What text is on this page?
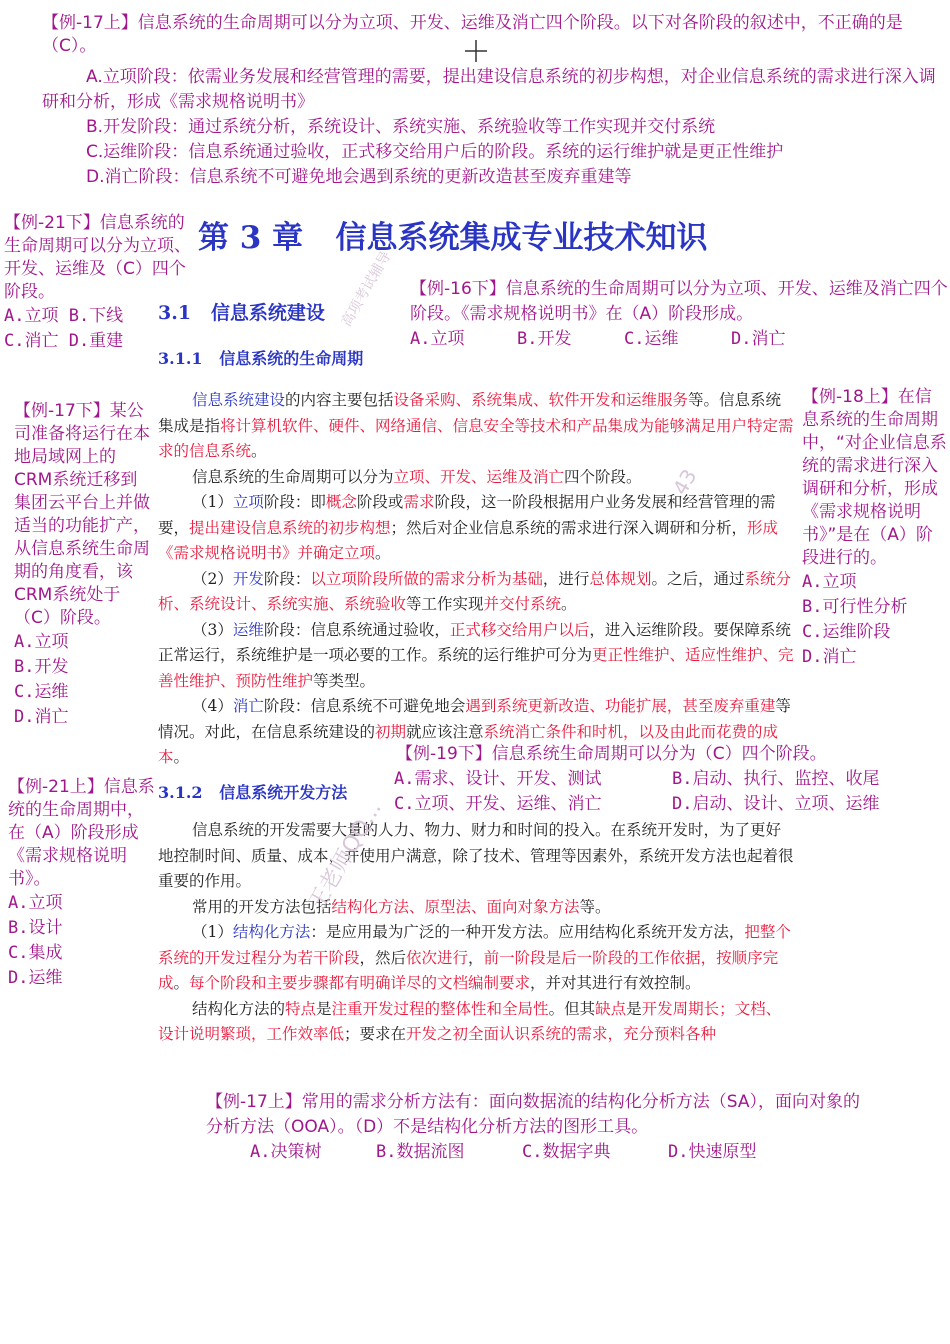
【例-17上】信息系统的生命周期可以分为立项、开发、运维及消亡四个阶段。以下对各阶段的叙述中，不正确的是（C）。

A.立项阶段：依需业务发展和经营管理的需要，提出建设信息系统的初步构想，对企业信息系统的需求进行深入调研和分析，形成《需求规格说明书》

B.开发阶段：通过系统分析，系统设计、系统实施、系统验收等工作实现并交付系统

C.运维阶段：信息系统通过验收，正式移交给用户后的阶段。系统的运行维护就是更正性维护

D.消亡阶段：信息系统不可避免地会遇到系统的更新改造甚至废弃重建等

第 3 章   信息系统集成专业技术知识

【例-21下】信息系统的生命周期可以分为立项、开发、运维及（C）四个阶段。

A.立项 B.下线

C.消亡 D.重建

3.1   信息系统建设
3.1.1   信息系统的生命周期

【例-16下】信息系统的生命周期可以分为立项、开发、运维及消亡四个阶段。《需求规格说明书》在（A）阶段形成。

A.立项	B.开发	C.运维	D.消亡

【例-17下】某公司准备将运行在本地局域网上的CRM系统迁移到集团云平台上并做适当的功能扩产，从信息系统生命周期的角度看，该CRM系统处于（C）阶段。

A.立项

B.开发

C.运维

D.消亡

【例-18上】在信息系统的生命周期中，“对企业信息系统的需求进行深入调研和分析，形成《需求规格说明书》”是在（A）阶段进行的。

A.立项

B.可行性分析

C.运维阶段

D.消亡

信息系统建设的内容主要包括设备采购、系统集成、软件开发和运维服务等。信息系统集成是指将计算机软件、硬件、网络通信、信息安全等技术和产品集成为能够满足用户特定需求的信息系统。

信息系统的生命周期可以分为立项、开发、运维及消亡四个阶段。

（1）立项阶段：即概念阶段或需求阶段，这一阶段根据用户业务发展和经营管理的需要，提出建设信息系统的初步构想；然后对企业信息系统的需求进行深入调研和分析，形成《需求规格说明书》并确定立项。

（2）开发阶段：以立项阶段所做的需求分析为基础，进行总体规划。之后，通过系统分析、系统设计、系统实施、系统验收等工作实现并交付系统。

（3）运维阶段：信息系统通过验收，正式移交给用户以后，进入运维阶段。要保障系统正常运行，系统维护是一项必要的工作。系统的运行维护可分为更正性维护、适应性维护、完善性维护、预防性维护等类型。

（4）消亡阶段：信息系统不可避免地会遇到系统更新改造、功能扩展，甚至废弃重建等情况。对此，在信息系统建设的初期就应该注意系统消亡条件和时机，以及由此而花费的成本。	【例-19下】信息系统生命周期可以分为（C）四个阶段。

A.需求、设计、开发、测试	B.启动、执行、监控、收尾
C.立项、开发、运维、消亡	D.启动、设计、立项、运维
3.1.2   信息系统开发方法

【例-21上】信息系统的生命周期中，在（A）阶段形成《需求规格说明书》。

A.立项

B.设计

C.集成

D.运维

信息系统的开发需要大量的人力、物力、财力和时间的投入。在系统开发时，为了更好地控制时间、质量、成本，并使用户满意，除了技术、管理等因素外，系统开发方法也起着很重要的作用。

常用的开发方法包括结构化方法、原型法、面向对象方法等。

（1）结构化方法：是应用最为广泛的一种开发方法。应用结构化系统开发方法，把整个系统的开发过程分为若干阶段，然后依次进行，前一阶段是后一阶段的工作依据，按顺序完成。每个阶段和主要步骤都有明确详尽的文档编制要求，并对其进行有效控制。

结构化方法的特点是注重开发过程的整体性和全局性。但其缺点是开发周期长；文档、设计说明繁琐，工作效率低；要求在开发之初全面认识系统的需求，充分预料各种

【例-17上】常用的需求分析方法有：面向数据流的结构化分析方法（SA），面向对象的分析方法（OOA）。（D）不是结构化分析方法的图形工具。

A.决策树	B.数据流图	C.数据字典	D.快速原型
高项考试辅导
43
王老师QQ...
